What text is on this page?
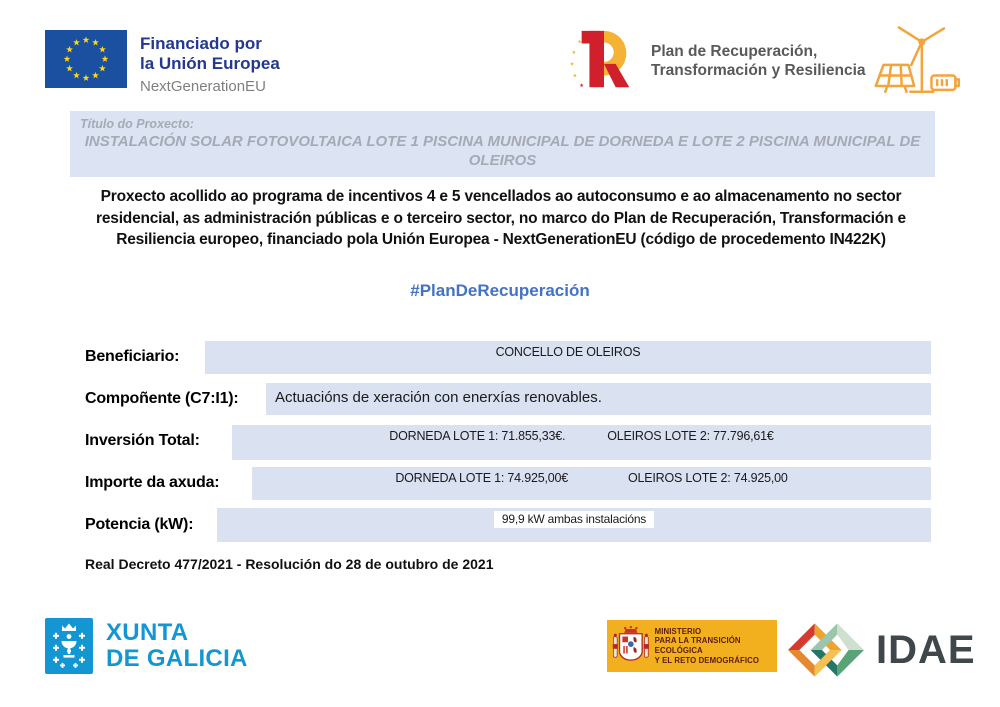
Financiado por
la Unión Europea
NextGenerationEU
Plan de Recuperación,
Transformación y Resiliencia
Título do Proxecto:
INSTALACIÓN SOLAR FOTOVOLTAICA LOTE 1 PISCINA MUNICIPAL DE DORNEDA E LOTE 2 PISCINA MUNICIPAL DE OLEIROS
Proxecto acollido ao programa de incentivos 4 e 5 vencellados ao autoconsumo e ao almacenamento no sector residencial, as administración públicas e o terceiro sector, no marco do Plan de Recuperación, Transformación e Resiliencia europeo, financiado pola Unión Europea - NextGenerationEU (código de procedemento IN422K)
#PlanDeRecuperación
Beneficiario:	CONCELLO DE OLEIROS
Compoñente (C7:I1):	Actuacións de xeración con enerxías renovables.
Inversión Total:	DORNEDA LOTE 1: 71.855,33€.	OLEIROS LOTE 2: 77.796,61€
Importe da axuda:	DORNEDA LOTE 1: 74.925,00€	OLEIROS LOTE 2: 74.925,00
Potencia (kW):	99,9 kW ambas instalacións
Real Decreto 477/2021 - Resolución do 28 de outubro de 2021
XUNTA
DE GALICIA
MINISTERIO
PARA LA TRANSICIÓN ECOLÓGICA
Y EL RETO DEMOGRÁFICO	IDAE
